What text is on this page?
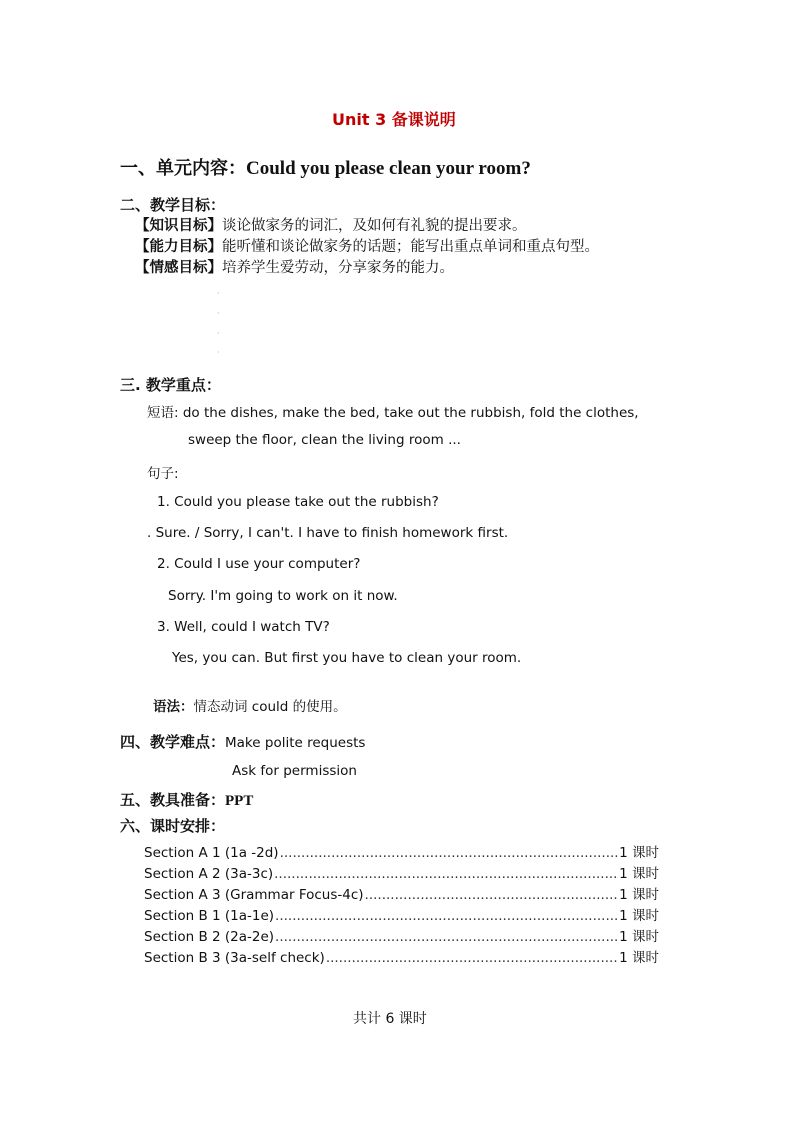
Unit 3 备课说明
一、单元内容：Could you please clean your room?
二、教学目标：
【知识目标】谈论做家务的词汇，及如何有礼貌的提出要求。
【能力目标】能听懂和谈论做家务的话题；能写出重点单词和重点句型。
【情感目标】培养学生爱劳动，分享家务的能力。
·
·
·
·
三. 教学重点：
短语: do the dishes, make the bed, take out the rubbish, fold the clothes,
sweep the floor, clean the living room ...
句子:
1. Could you please take out the rubbish?
. Sure. / Sorry, I can't. I have to finish homework first.
2. Could I use your computer?
Sorry. I'm going to work on it now.
3. Well, could I watch TV?
Yes, you can. But first you have to clean your room.
语法：情态动词 could 的使用。
四、教学难点：Make polite requests
Ask for permission
五、教具准备：PPT
六、课时安排：
Section A 1 (1a -2d) .....	1 课时
Section A 2 (3a-3c) .....	1 课时
Section A 3 (Grammar Focus-4c) .....	1 课时
Section B 1 (1a-1e) .....	1 课时
Section B 2 (2a-2e) .....	1 课时
Section B 3 (3a-self check) .....	1 课时
共计 6 课时
